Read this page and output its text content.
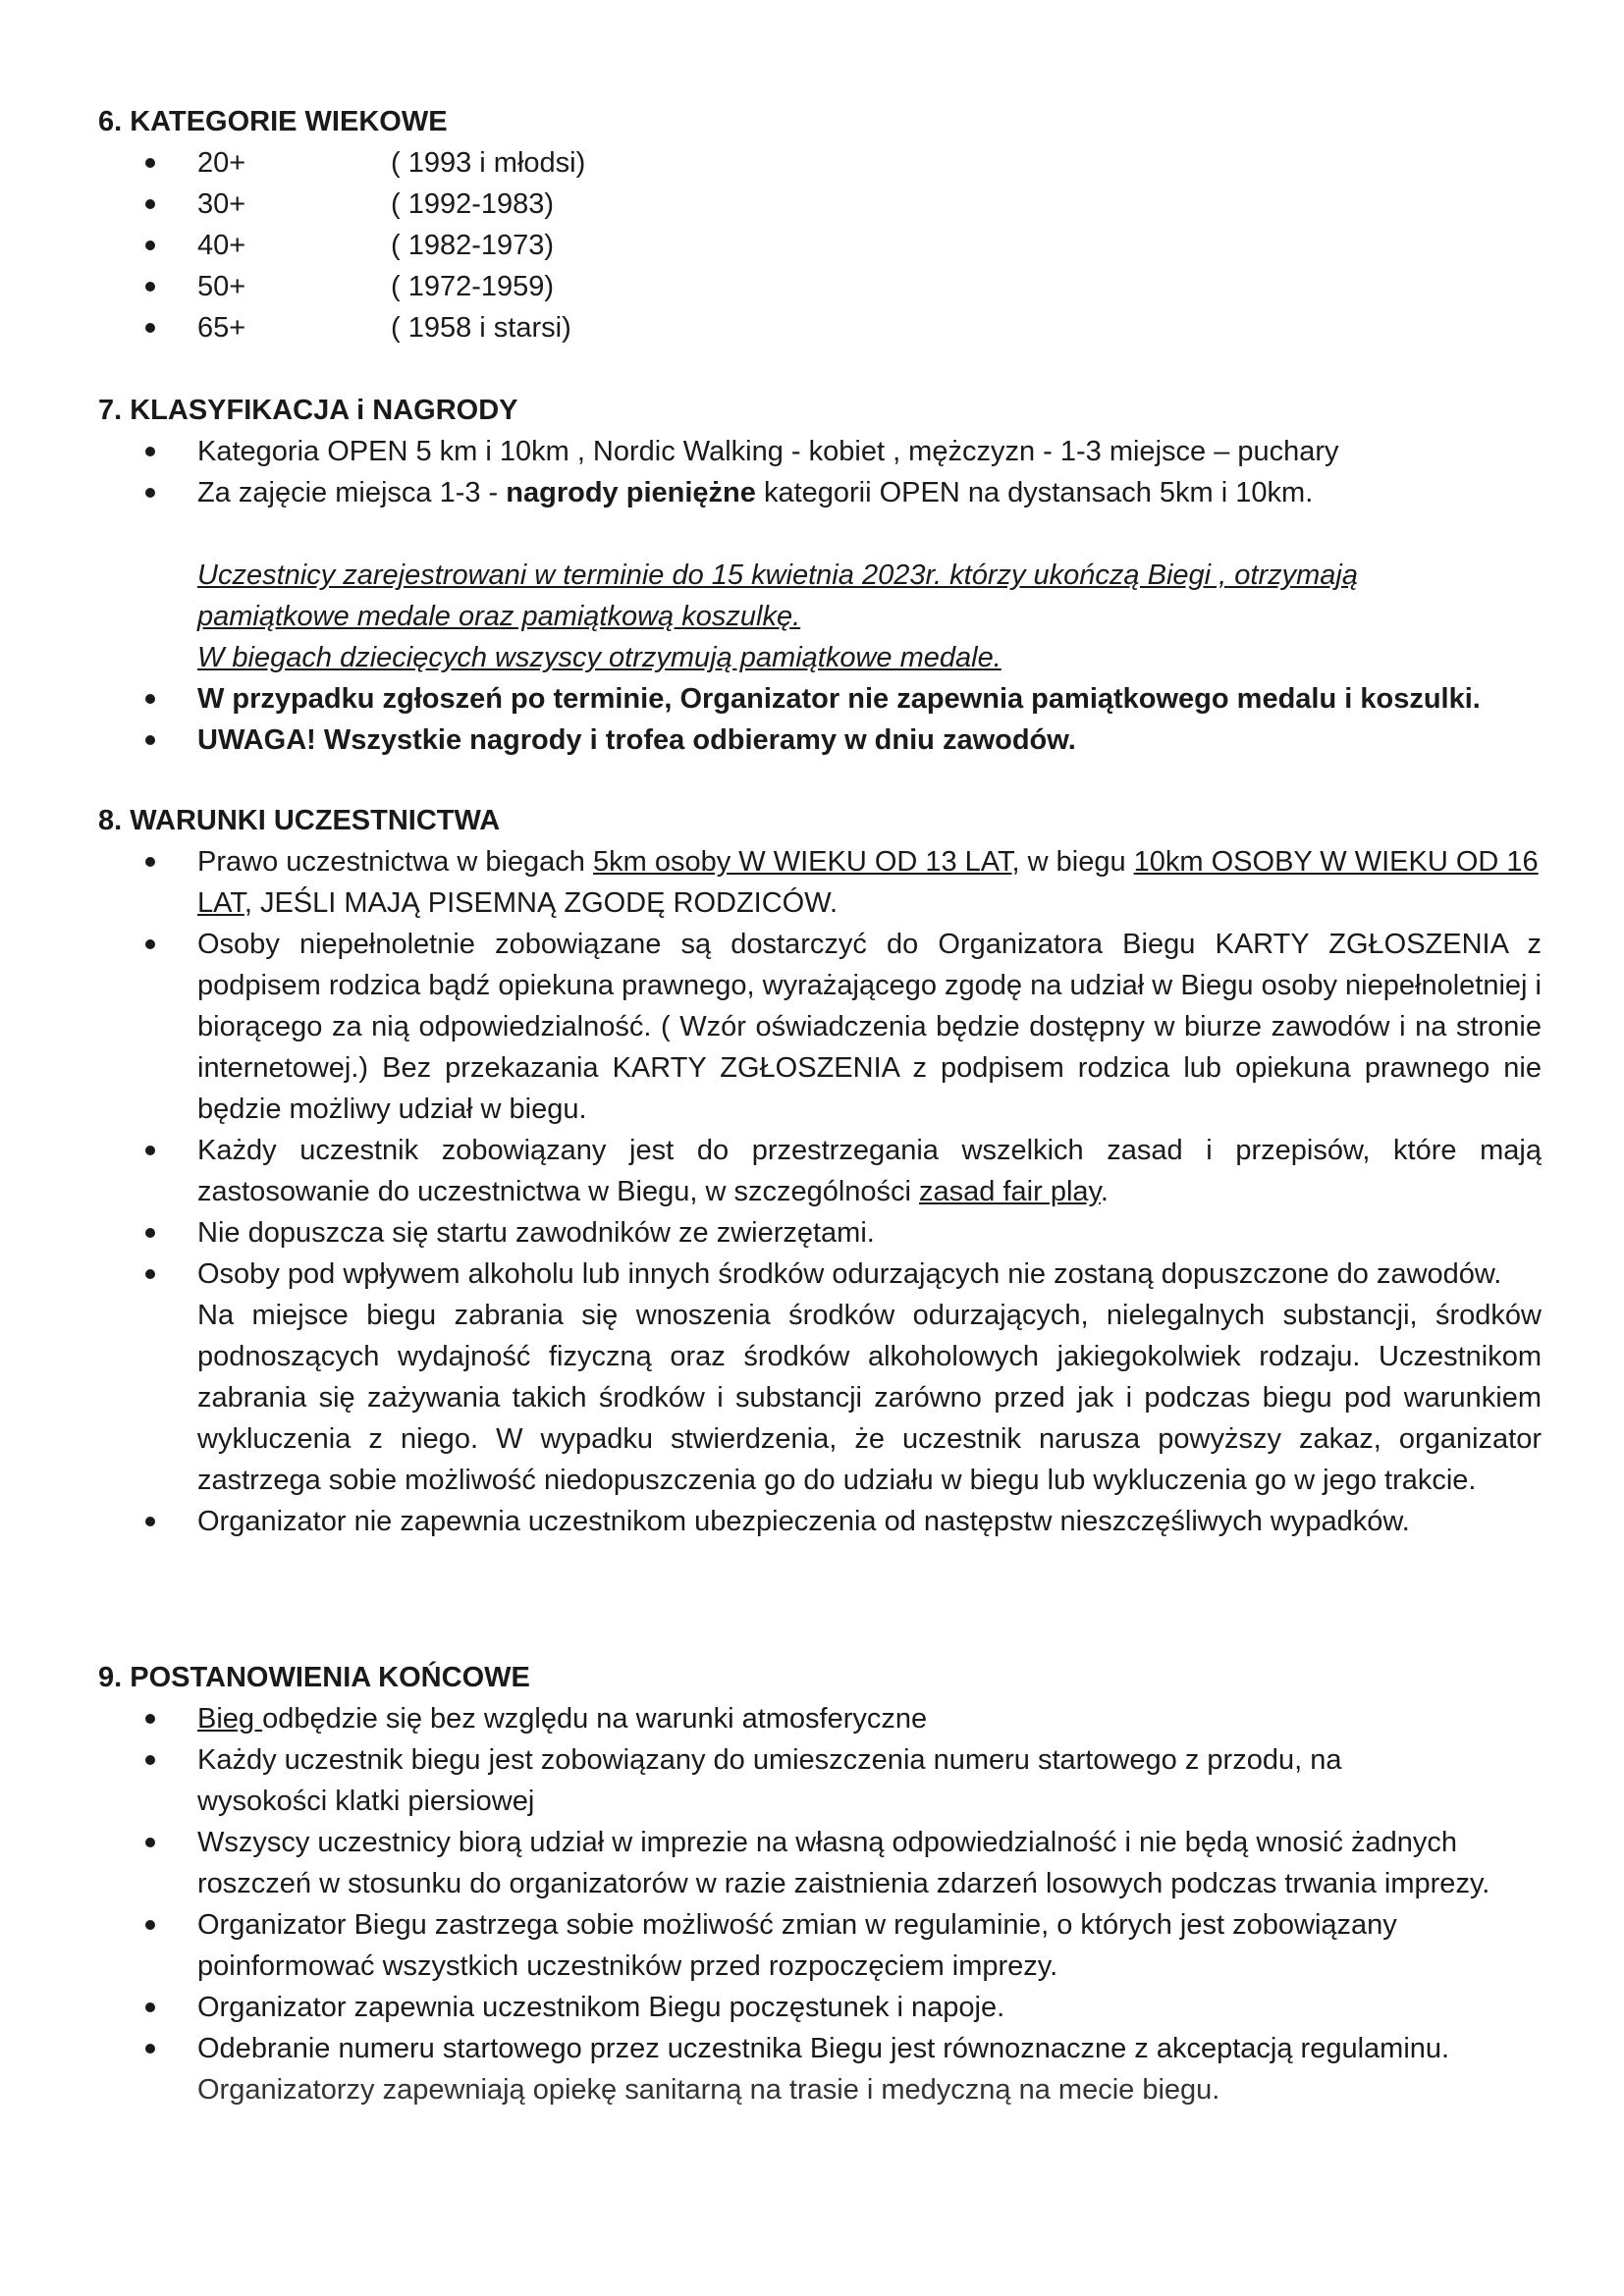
6. KATEGORIE WIEKOWE

20+	( 1993 i młodsi)
30+	( 1992-1983)
40+	( 1982-1973)
50+	( 1972-1959)
65+	( 1958 i starsi)

7. KLASYFIKACJA i NAGRODY

Kategoria OPEN 5 km i 10km , Nordic Walking - kobiet , mężczyzn - 1-3 miejsce – puchary
Za zajęcie miejsca 1-3 - nagrody pieniężne kategorii OPEN na dystansach 5km i 10km.
Uczestnicy zarejestrowani w terminie do 15 kwietnia 2023r. którzy ukończą Biegi , otrzymają pamiątkowe medale oraz pamiątkową koszulkę.
W biegach dziecięcych wszyscy otrzymują pamiątkowe medale.
W przypadku zgłoszeń po terminie, Organizator nie zapewnia pamiątkowego medalu i koszulki.
UWAGA! Wszystkie nagrody i trofea odbieramy w dniu zawodów.

8. WARUNKI UCZESTNICTWA

Prawo uczestnictwa w biegach 5km osoby W WIEKU OD 13 LAT, w biegu 10km OSOBY W WIEKU OD 16 LAT, JEŚLI MAJĄ PISEMNĄ ZGODĘ RODZICÓW.
Osoby niepełnoletnie zobowiązane są dostarczyć do Organizatora Biegu KARTY ZGŁOSZENIA z podpisem rodzica bądź opiekuna prawnego, wyrażającego zgodę na udział w Biegu osoby niepełnoletniej i biorącego za nią odpowiedzialność. ( Wzór oświadczenia będzie dostępny w biurze zawodów i na stronie internetowej.) Bez przekazania KARTY ZGŁOSZENIA z podpisem rodzica lub opiekuna prawnego nie będzie możliwy udział w biegu.
Każdy uczestnik zobowiązany jest do przestrzegania wszelkich zasad i przepisów, które mają zastosowanie do uczestnictwa w Biegu, w szczególności zasad fair play.
Nie dopuszcza się startu zawodników ze zwierzętami.
Osoby pod wpływem alkoholu lub innych środków odurzających nie zostaną dopuszczone do zawodów.
Na miejsce biegu zabrania się wnoszenia środków odurzających, nielegalnych substancji, środków podnoszących wydajność fizyczną oraz środków alkoholowych jakiegokolwiek rodzaju. Uczestnikom zabrania się zażywania takich środków i substancji zarówno przed jak i podczas biegu pod warunkiem wykluczenia z niego. W wypadku stwierdzenia, że uczestnik narusza powyższy zakaz, organizator zastrzega sobie możliwość niedopuszczenia go do udziału w biegu lub wykluczenia go w jego trakcie.
Organizator nie zapewnia uczestnikom ubezpieczenia od następstw nieszczęśliwych wypadków.

9. POSTANOWIENIA KOŃCOWE

Bieg odbędzie się bez względu na warunki atmosferyczne
Każdy uczestnik biegu jest zobowiązany do umieszczenia numeru startowego z przodu, na wysokości klatki piersiowej
Wszyscy uczestnicy biorą udział w imprezie na własną odpowiedzialność i nie będą wnosić żadnych roszczeń w stosunku do organizatorów w razie zaistnienia zdarzeń losowych podczas trwania imprezy.
Organizator Biegu zastrzega sobie możliwość zmian w regulaminie, o których jest zobowiązany poinformować wszystkich uczestników przed rozpoczęciem imprezy.
Organizator zapewnia uczestnikom Biegu poczęstunek i napoje.
Odebranie numeru startowego przez uczestnika Biegu jest równoznaczne z akceptacją regulaminu.
Organizatorzy zapewniają opiekę sanitarną na trasie i medyczną na mecie biegu.
